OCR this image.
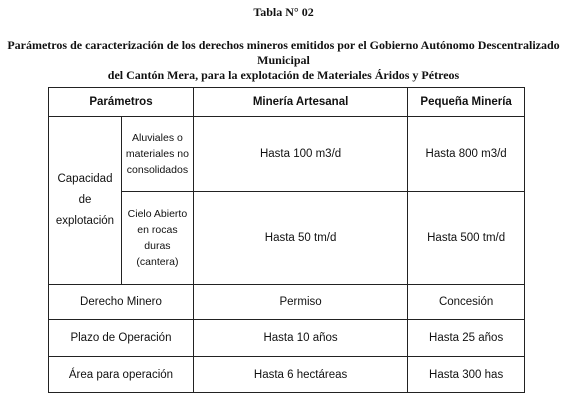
Tabla N° 02
Parámetros de caracterización de los derechos mineros emitidos por el Gobierno Autónomo Descentralizado Municipal
del Cantón Mera, para la explotación de Materiales Áridos y Pétreos
Parámetros		Minería Artesanal	Pequeña Minería
Capacidad de explotación	Aluviales o materiales no consolidados	Hasta 100 m3/d	Hasta 800 m3/d
	Cielo Abierto en rocas duras (cantera)	Hasta 50 tm/d	Hasta 500 tm/d
Derecho Minero		Permiso	Concesión
Plazo de Operación		Hasta 10 años	Hasta 25 años
Área para operación		Hasta 6 hectáreas	Hasta 300 has
